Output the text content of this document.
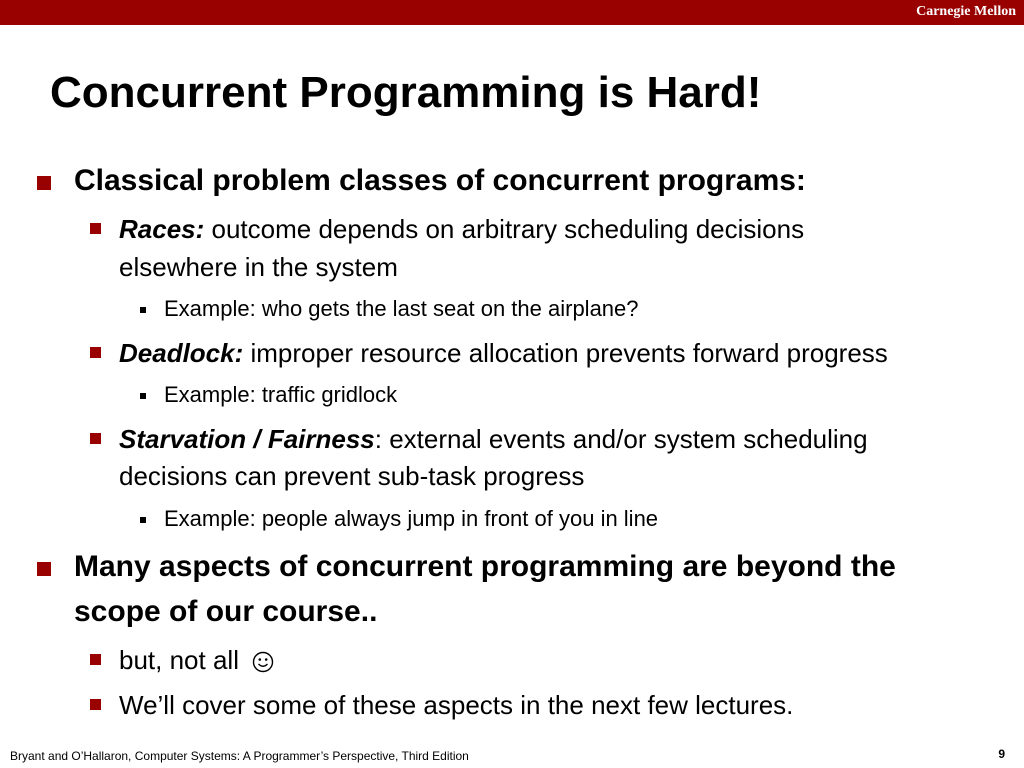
Carnegie Mellon
Concurrent Programming is Hard!
Classical problem classes of concurrent programs:
Races: outcome depends on arbitrary scheduling decisions
elsewhere in the system
Example: who gets the last seat on the airplane?
Deadlock: improper resource allocation prevents forward progress
Example: traffic gridlock
Starvation / Fairness: external events and/or system scheduling
decisions can prevent sub-task progress
Example: people always jump in front of you in line
Many aspects of concurrent programming are beyond the
scope of our course..
but, not all
We’ll cover some of these aspects in the next few lectures.
Bryant and O’Hallaron, Computer Systems: A Programmer’s Perspective, Third Edition	9
